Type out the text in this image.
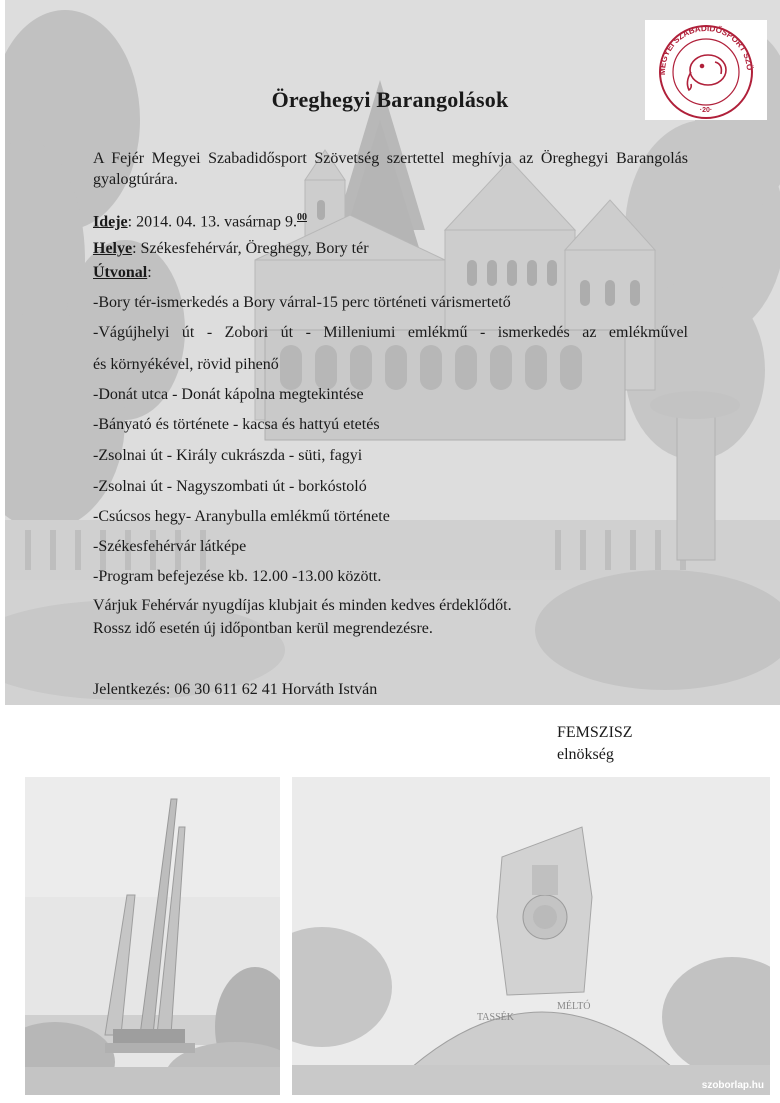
MEGYEI SZABADIDŐSPORT SZÖ
·20·
Öreghegyi Barangolások
A Fejér Megyei Szabadidősport Szövetség szertettel meghívja az Öreghegyi Barangolás gyalogtúrára.
Ideje: 2014. 04. 13. vasárnap 9.00
Helye: Székesfehérvár, Öreghegy, Bory tér
Útvonal:
-Bory tér-ismerkedés a Bory várral-15 perc történeti várismertető
-Vágújhelyi út - Zobori út - Milleniumi emlékmű - ismerkedés az emlékművel
és környékével, rövid pihenő
-Donát utca - Donát kápolna megtekintése
-Bányató és története - kacsa és hattyú etetés
-Zsolnai út - Király cukrászda - süti, fagyi
-Zsolnai út - Nagyszombati út - borkóstoló
-Csúcsos hegy- Aranybulla emlékmű története
-Székesfehérvár látképe
-Program befejezése kb. 12.00 -13.00 között.
Várjuk Fehérvár nyugdíjas klubjait és minden kedves érdeklődőt.
Rossz idő esetén új időpontban kerül megrendezésre.
Jelentkezés: 06 30 611 62 41 Horváth István
FEMSZISZ
elnökség
TASSÉK
MÉLTÓ
szoborlap.hu
